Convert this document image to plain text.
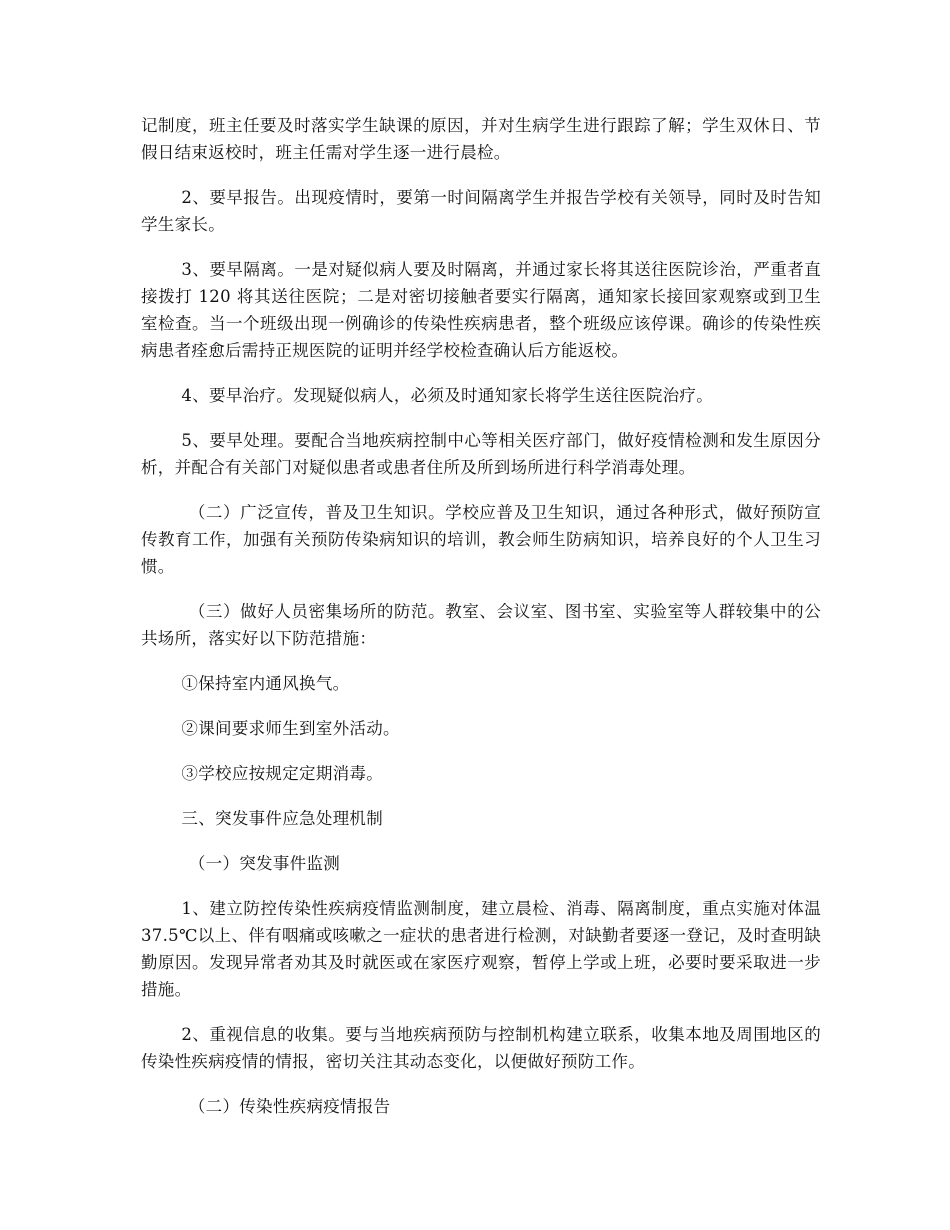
记制度，班主任要及时落实学生缺课的原因，并对生病学生进行跟踪了解；学生双休日、节假日结束返校时，班主任需对学生逐一进行晨检。

2、要早报告。出现疫情时，要第一时间隔离学生并报告学校有关领导，同时及时告知学生家长。

3、要早隔离。一是对疑似病人要及时隔离，并通过家长将其送往医院诊治，严重者直接拨打 120 将其送往医院；二是对密切接触者要实行隔离，通知家长接回家观察或到卫生室检查。当一个班级出现一例确诊的传染性疾病患者，整个班级应该停课。确诊的传染性疾病患者痊愈后需持正规医院的证明并经学校检查确认后方能返校。

4、要早治疗。发现疑似病人，必须及时通知家长将学生送往医院治疗。

5、要早处理。要配合当地疾病控制中心等相关医疗部门，做好疫情检测和发生原因分析，并配合有关部门对疑似患者或患者住所及所到场所进行科学消毒处理。

（二）广泛宣传，普及卫生知识。学校应普及卫生知识，通过各种形式，做好预防宣传教育工作，加强有关预防传染病知识的培训，教会师生防病知识，培养良好的个人卫生习惯。

（三）做好人员密集场所的防范。教室、会议室、图书室、实验室等人群较集中的公共场所，落实好以下防范措施：

①保持室内通风换气。

②课间要求师生到室外活动。

③学校应按规定定期消毒。

三、突发事件应急处理机制

（一）突发事件监测

1、建立防控传染性疾病疫情监测制度，建立晨检、消毒、隔离制度，重点实施对体温 37.5℃以上、伴有咽痛或咳嗽之一症状的患者进行检测，对缺勤者要逐一登记，及时查明缺勤原因。发现异常者劝其及时就医或在家医疗观察，暂停上学或上班，必要时要采取进一步措施。

2、重视信息的收集。要与当地疾病预防与控制机构建立联系，收集本地及周围地区的传染性疾病疫情的情报，密切关注其动态变化，以便做好预防工作。

（二）传染性疾病疫情报告
